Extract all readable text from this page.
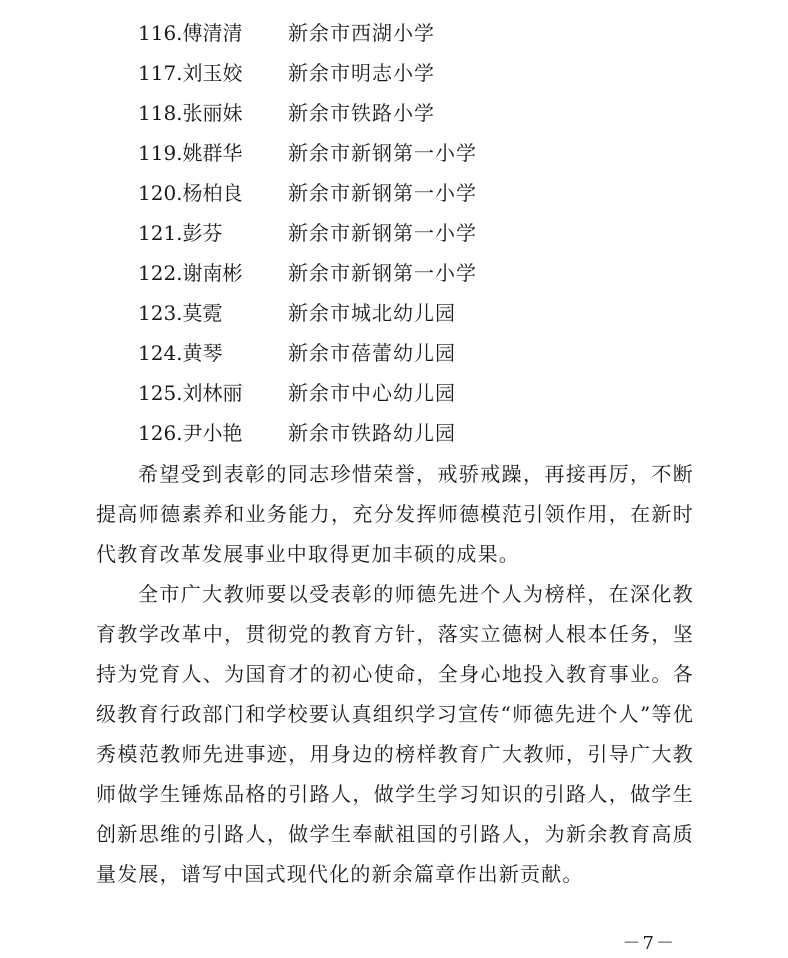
116.傅清清 新余市西湖小学
117.刘玉姣 新余市明志小学
118.张丽妹 新余市铁路小学
119.姚群华 新余市新钢第一小学
120.杨柏良 新余市新钢第一小学
121.彭芬	新余市新钢第一小学
122.谢南彬 新余市新钢第一小学
123.莫霓	新余市城北幼儿园
124.黄琴	新余市蓓蕾幼儿园
125.刘林丽 新余市中心幼儿园
126.尹小艳 新余市铁路幼儿园

希望受到表彰的同志珍惜荣誉，戒骄戒躁，再接再厉，不断提高师德素养和业务能力，充分发挥师德模范引领作用，在新时代教育改革发展事业中取得更加丰硕的成果。

全市广大教师要以受表彰的师德先进个人为榜样，在深化教育教学改革中，贯彻党的教育方针，落实立德树人根本任务，坚持为党育人、为国育才的初心使命，全身心地投入教育事业。各级教育行政部门和学校要认真组织学习宣传“师德先进个人”等优秀模范教师先进事迹，用身边的榜样教育广大教师，引导广大教师做学生锤炼品格的引路人，做学生学习知识的引路人，做学生创新思维的引路人，做学生奉献祖国的引路人，为新余教育高质量发展，谱写中国式现代化的新余篇章作出新贡献。

－7－
